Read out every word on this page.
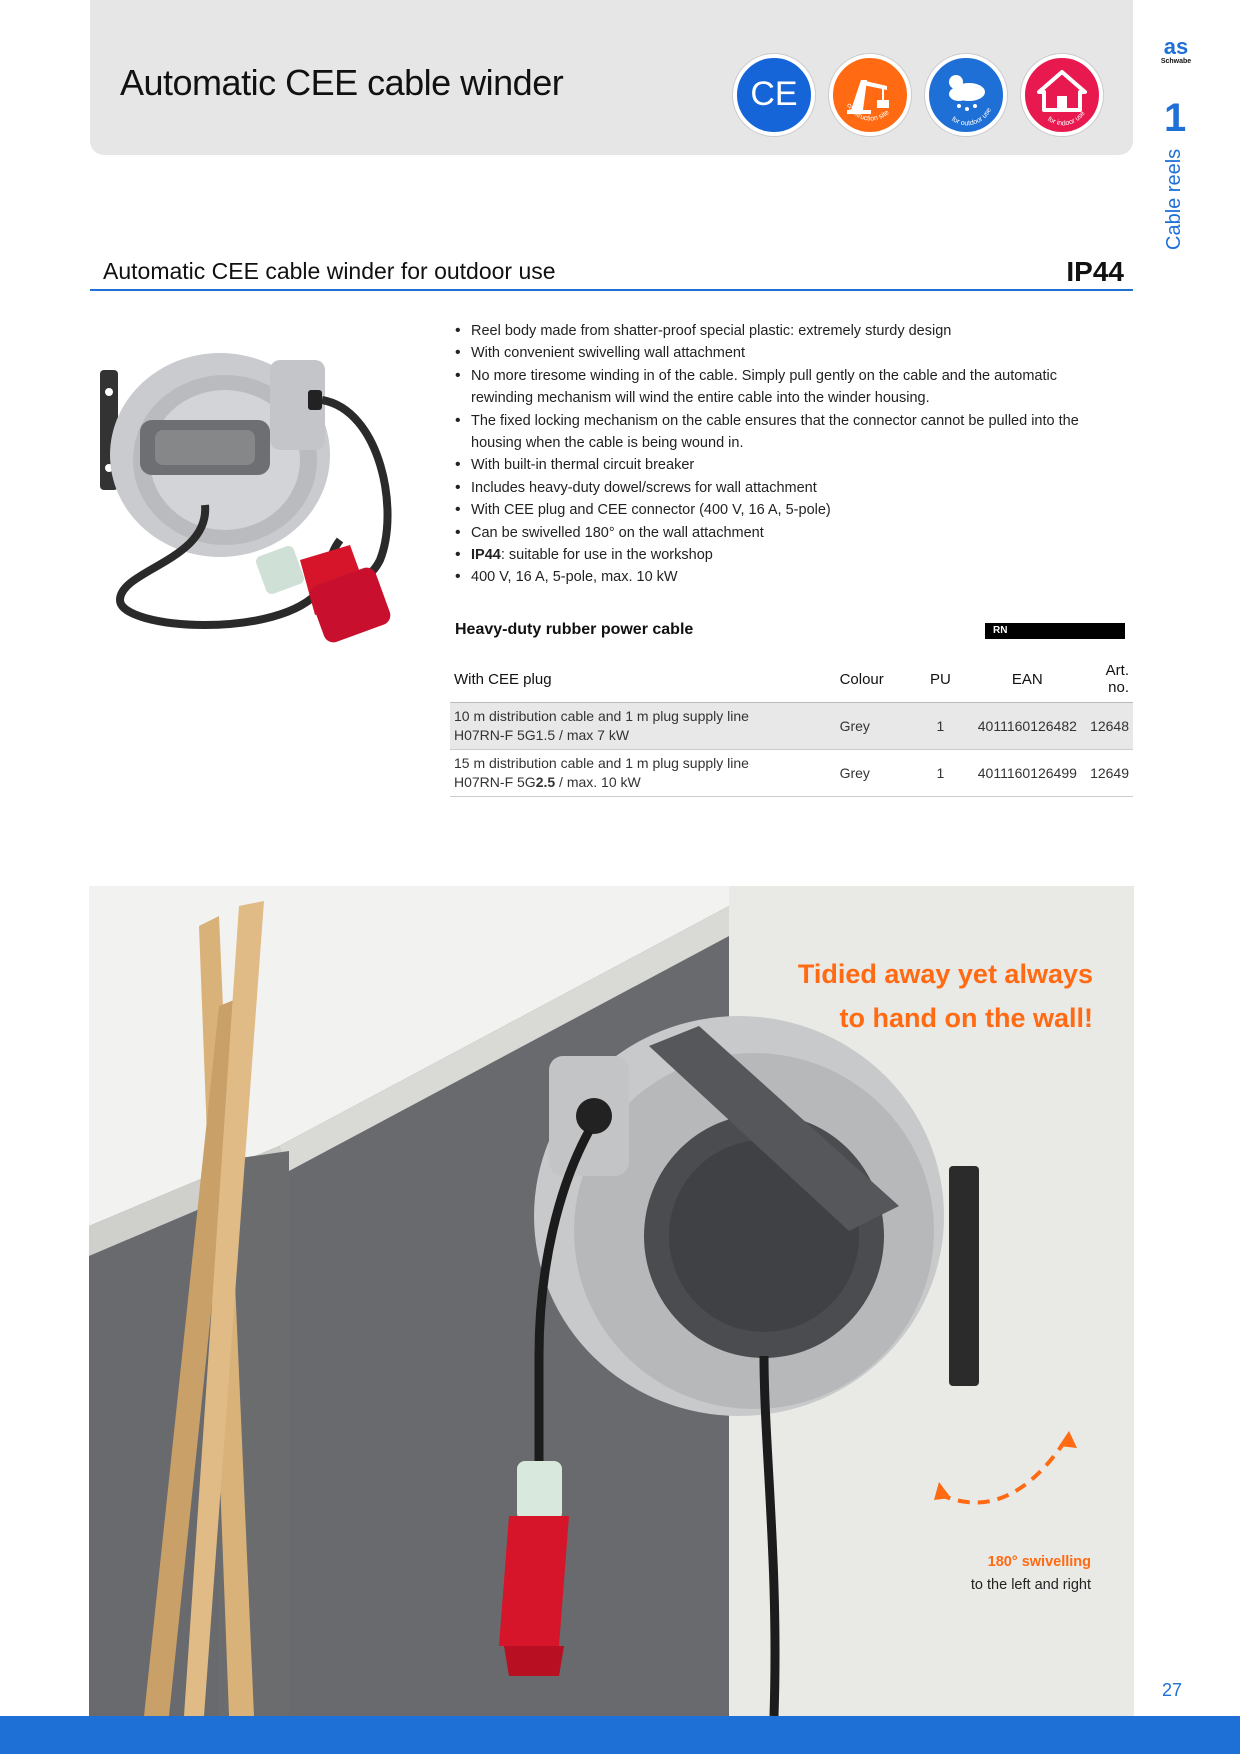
Automatic CEE cable winder	CE	construction site
for outdoor use
for indoor use
as
Schwabe
1
Cable reels
Automatic CEE cable winder for outdoor use	IP44
• Reel body made from shatter-proof special plastic: extremely sturdy design
• With convenient swivelling wall attachment
• No more tiresome winding in of the cable. Simply pull gently on the cable and the automatic rewinding mechanism will wind the entire cable into the winder housing.
• The fixed locking mechanism on the cable ensures that the connector cannot be pulled into the housing when the cable is being wound in.
• With built-in thermal circuit breaker
• Includes heavy-duty dowel/screws for wall attachment
• With CEE plug and CEE connector (400 V, 16 A, 5-pole)
• Can be swivelled 180° on the wall attachment
• IP44: suitable for use in the workshop
• 400 V, 16 A, 5-pole, max. 10 kW
Heavy-duty rubber power cable	RN
With CEE plug	Colour	PU	EAN	Art. no.

10 m distribution cable and 1 m plug supply line
H07RN-F 5G1.5 / max 7 kW	Grey	1	4011160126482	12648

15 m distribution cable and 1 m plug supply line
H07RN-F 5G2.5 / max. 10 kW	Grey	1	4011160126499	12649
Tidied away yet always
to hand on the wall!
180° swivelling
to the left and right
27
